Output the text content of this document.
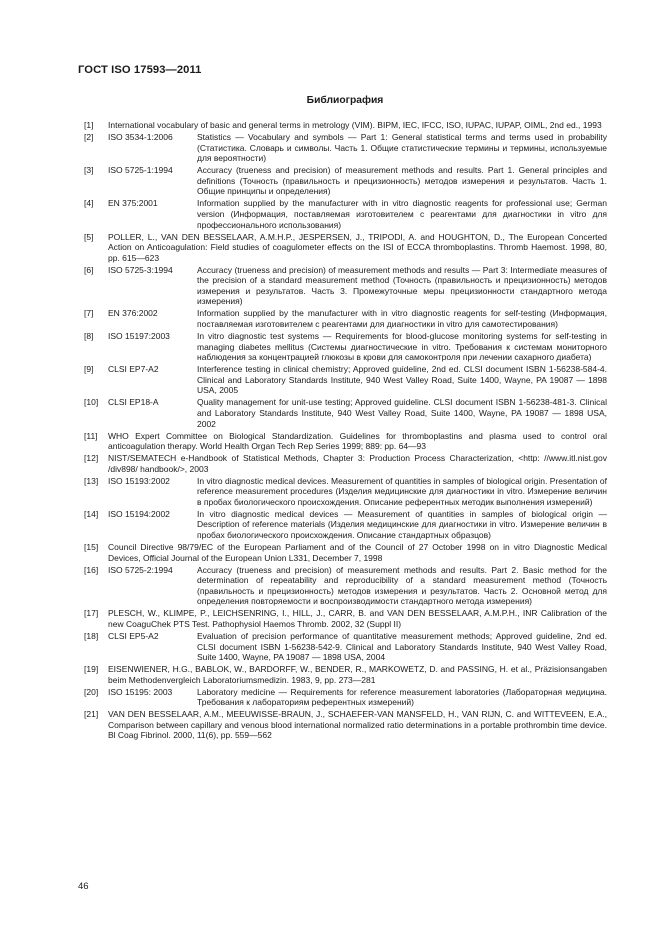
ГОСТ ISO 17593—2011
Библиография
[1]	International vocabulary of basic and general terms in metrology (VIM). BIPM, IEC, IFCC, ISO, IUPAC, IUPAP, OIML, 2nd ed., 1993
[2]	ISO 3534-1:2006	Statistics — Vocabulary and symbols — Part 1: General statistical terms and terms used in probability (Статистика. Словарь и символы. Часть 1. Общие статистические термины и термины, используемые для вероятности)
[3]	ISO 5725-1:1994	Accuracy (trueness and precision) of measurement methods and results. Part 1. General principles and definitions (Точность (правильность и прецизионность) методов измерения и результатов. Часть 1. Общие принципы и определения)
[4]	EN 375:2001	Information supplied by the manufacturer with in vitro diagnostic reagents for professional use; German version (Информация, поставляемая изготовителем с реагентами для диагностики in vitro для профессионального использования)
[5]	POLLER, L., VAN DEN BESSELAAR, A.M.H.P., JESPERSEN, J., TRIPODI, A. and HOUGHTON, D., The European Concerted Action on Anticoagulation: Field studies of coagulometer effects on the ISI of ECCA thromboplastins. Thromb Haemost. 1998, 80, pp. 615—623
[6]	ISO 5725-3:1994	Accuracy (trueness and precision) of measurement methods and results — Part 3: Intermediate measures of the precision of a standard measurement method (Точность (правильность и прецизионность) методов измерения и результатов. Часть 3. Промежуточные меры прецизионности стандартного метода измерения)
[7]	EN 376:2002	Information supplied by the manufacturer with in vitro diagnostic reagents for self-testing (Информация, поставляемая изготовителем с реагентами для диагностики in vitro для самотестирования)
[8]	ISO 15197:2003	In vitro diagnostic test systems — Requirements for blood-glucose monitoring systems for self-testing in managing diabetes mellitus (Системы диагностические in vitro. Требования к системам мониторного наблюдения за концентрацией глюкозы в крови для самоконтроля при лечении сахарного диабета)
[9]	CLSI EP7-A2	Interference testing in clinical chemistry; Approved guideline, 2nd ed. CLSI document ISBN 1-56238-584-4. Clinical and Laboratory Standards Institute, 940 West Valley Road, Suite 1400, Wayne, PA 19087 — 1898 USA, 2005
[10]	CLSI EP18-A	Quality management for unit-use testing; Approved guideline. CLSI document ISBN 1-56238-481-3. Clinical and Laboratory Standards Institute, 940 West Valley Road, Suite 1400, Wayne, PA 19087 — 1898 USA, 2002
[11]	WHO Expert Committee on Biological Standardization. Guidelines for thromboplastins and plasma used to control oral anticoagulation therapy. World Health Organ Tech Rep Series 1999; 889: pp. 64—93
[12]	NIST/SEMATECH e-Handbook of Statistical Methods, Chapter 3: Production Process Characterization, <http: //www.itl.nist.gov /div898/ handbook/>, 2003
[13]	ISO 15193:2002	In vitro diagnostic medical devices. Measurement of quantities in samples of biological origin. Presentation of reference measurement procedures (Изделия медицинские для диагностики in vitro. Измерение величин в пробах биологического происхождения. Описание референтных методик выполнения измерений)
[14]	ISO 15194:2002	In vitro diagnostic medical devices — Measurement of quantities in samples of biological origin — Description of reference materials (Изделия медицинские для диагностики in vitro. Измерение величин в пробах биологического происхождения. Описание стандартных образцов)
[15]	Council Directive 98/79/EC of the European Parliament and of the Council of 27 October 1998 on in vitro Diagnostic Medical Devices, Official Journal of the European Union L331, December 7, 1998
[16]	ISO 5725-2:1994	Accuracy (trueness and precision) of measurement methods and results. Part 2. Basic method for the determination of repeatability and reproducibility of a standard measurement method (Точность (правильность и прецизионность) методов измерения и результатов. Часть 2. Основной метод для определения повторяемости и воспроизводимости стандартного метода измерения)
[17]	PLESCH, W., KLIMPE, P., LEICHSENRING, I., HILL, J., CARR, B. and VAN DEN BESSELAAR, A.M.P.H., INR Calibration of the new CoaguChek PTS Test. Pathophysiol Haemos Thromb. 2002, 32 (Suppl II)
[18]	CLSI EP5-A2	Evaluation of precision performance of quantitative measurement methods; Approved guideline, 2nd ed. CLSI document ISBN 1-56238-542-9. Clinical and Laboratory Standards Institute, 940 West Valley Road, Suite 1400, Wayne, PA 19087 — 1898 USA, 2004
[19]	EISENWIENER, H.G., BABLOK, W., BARDORFF, W., BENDER, R., MARKOWETZ, D. and PASSING, H. et al., Präzisionsangaben beim Methodenvergleich Laboratoriumsmedizin. 1983, 9, pp. 273—281
[20]	ISO 15195: 2003	Laboratory medicine — Requirements for reference measurement laboratories (Лабораторная медицина. Требования к лабораториям референтных измерений)
[21]	VAN DEN BESSELAAR, A.M., MEEUWISSE-BRAUN, J., SCHAEFER-VAN MANSFELD, H., VAN RIJN, C. and WITTEVEEN, E.A., Comparison between capillary and venous blood international normalized ratio determinations in a portable prothrombin time device. Bl Coag Fibrinol. 2000, 11(6), pp. 559—562
46
